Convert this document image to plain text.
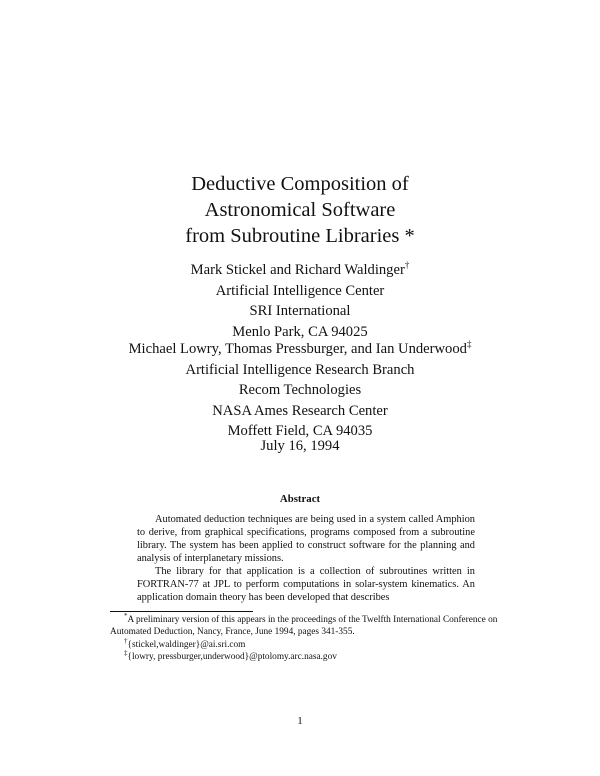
Deductive Composition of
Astronomical Software
from Subroutine Libraries *
Mark Stickel and Richard Waldinger†
Artificial Intelligence Center
SRI International
Menlo Park, CA 94025
Michael Lowry, Thomas Pressburger, and Ian Underwood‡
Artificial Intelligence Research Branch
Recom Technologies
NASA Ames Research Center
Moffett Field, CA 94035
July 16, 1994
Abstract

Automated deduction techniques are being used in a system called Amphion to derive, from graphical specifications, programs composed from a subroutine library. The system has been applied to construct software for the planning and analysis of interplanetary missions.

The library for that application is a collection of subroutines written in FORTRAN-77 at JPL to perform computations in solar-system kinematics. An application domain theory has been developed that describes

*A preliminary version of this appears in the proceedings of the Twelfth International Conference on Automated Deduction, Nancy, France, June 1994, pages 341-355.

†{stickel,waldinger}@ai.sri.com

‡{lowry, pressburger,underwood}@ptolomy.arc.nasa.gov

1
